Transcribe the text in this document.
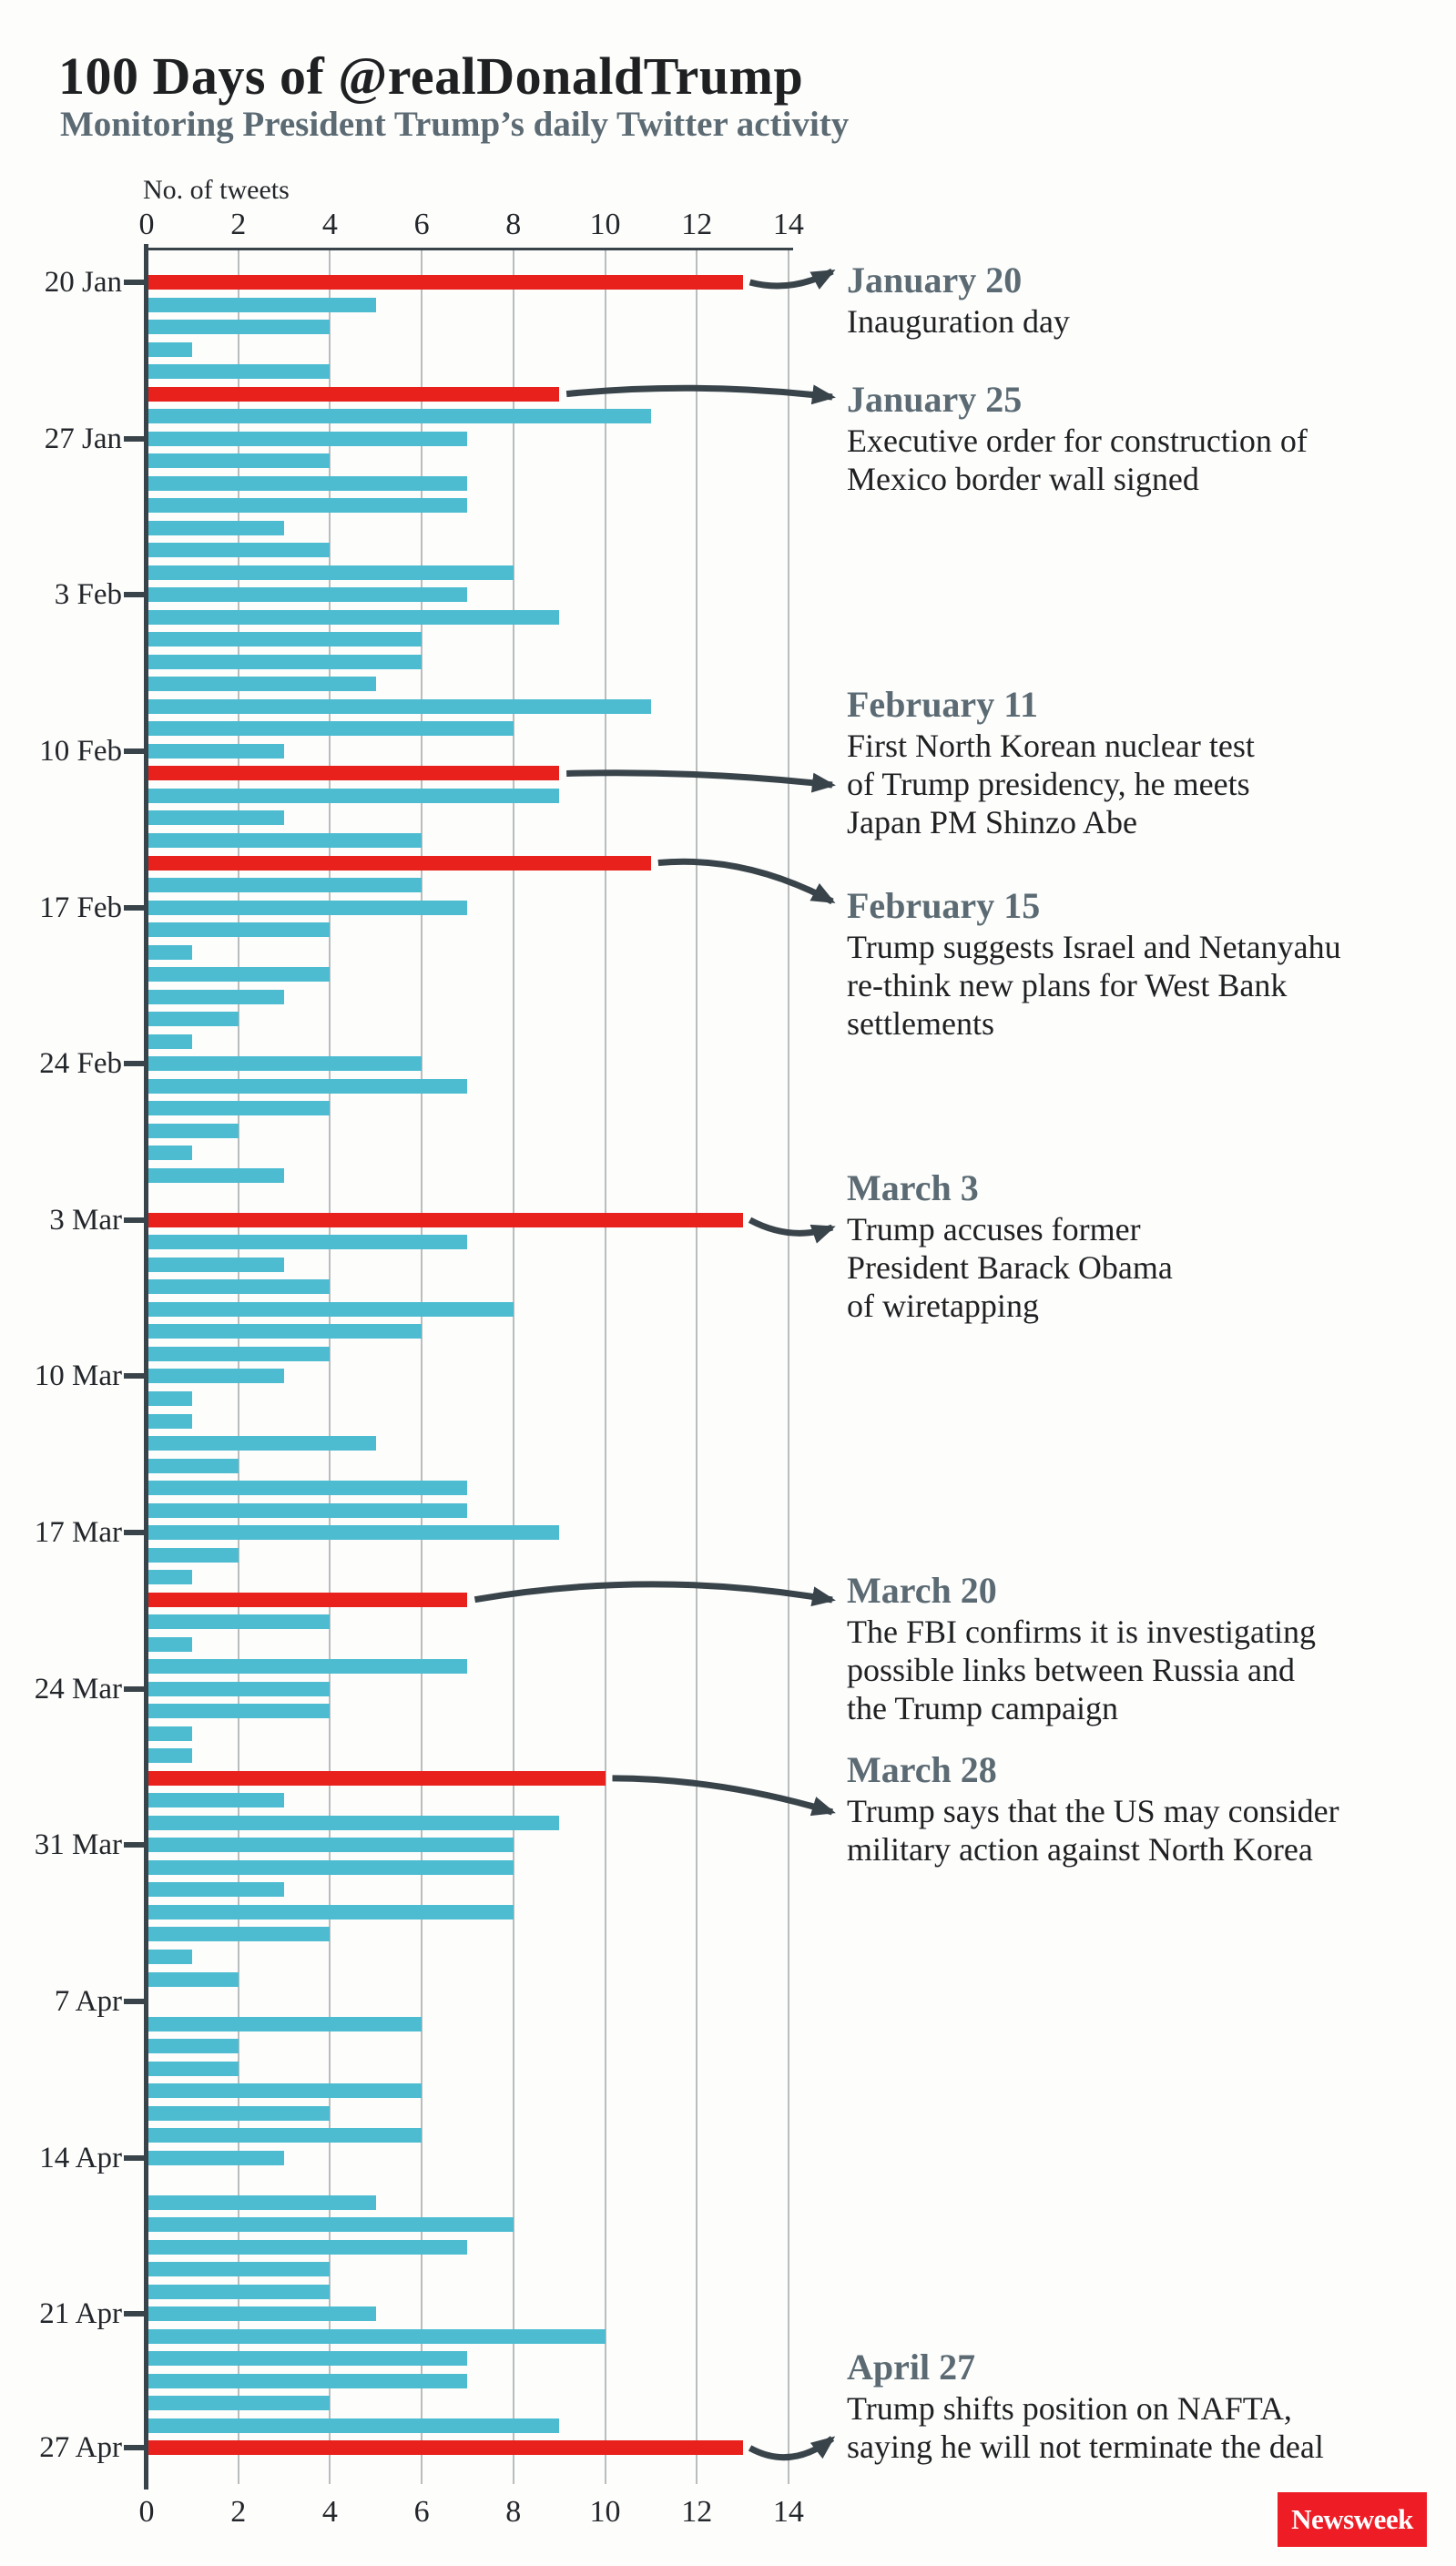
100 Days of @realDonaldTrump
Monitoring President Trump’s daily Twitter activity
No. of tweets
0
0
2
2
4
4
6
6
8
8
10
10
12
12
14
14
20 Jan
27 Jan
3 Feb
10 Feb
17 Feb
24 Feb
3 Mar
10 Mar
17 Mar
24 Mar
31 Mar
7 Apr
14 Apr
21 Apr
27 Apr
January 20

Inauguration day

January 25

Executive order for construction of

Mexico border wall signed

February 11

First North Korean nuclear test

of Trump presidency, he meets

Japan PM Shinzo Abe

February 15

Trump suggests Israel and Netanyahu

re-think new plans for West Bank

settlements

March 3

Trump accuses former

President Barack Obama

of wiretapping

March 20

The FBI confirms it is investigating

possible links between Russia and

the Trump campaign

March 28

Trump says that the US may consider

military action against North Korea

April 27

Trump shifts position on NAFTA,

saying he will not terminate the deal

Newsweek
